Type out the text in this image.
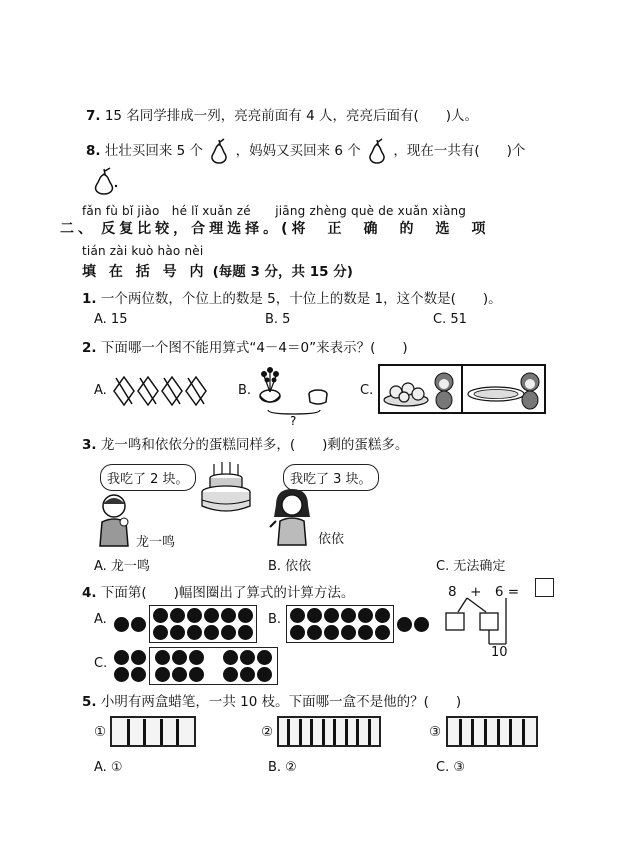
7. 15 名同学排成一列，亮亮前面有 4 人，亮亮后面有(　　)人。
8. 壮壮买回来 5 个 ，妈妈又买回来 6 个 ，现在一共有(　　)个
fǎn fù bǐ jiào　hé lǐ xuǎn zé　　jiāng zhèng què de xuǎn xiàng
二、 反复比较，合理选择。(将　正　确　的　选　项
tián zài kuò hào nèi
填 在 括 号 内 (每题 3 分，共 15 分)
1. 一个两位数，个位上的数是 5，十位上的数是 1，这个数是(　　)。
A. 15	B. 5	C. 51
2. 下面哪一个图不能用算式“4－4＝0”来表示？(　　)
A.	B.
?
C.
3. 龙一鸣和依依分的蛋糕同样多，(　　)剩的蛋糕多。
我吃了 2 块。	我吃了 3 块。
龙一鸣	依依
A. 龙一鸣	B. 依依	C. 无法确定
4. 下面第(　　)幅图圈出了算式的计算方法。	8　+　6 =
10
A.	B.
C.
5. 小明有两盒蜡笔，一共 10 枝。下面哪一盒不是他的？(　　)
①	②	③
A. ①	B. ②	C. ③
